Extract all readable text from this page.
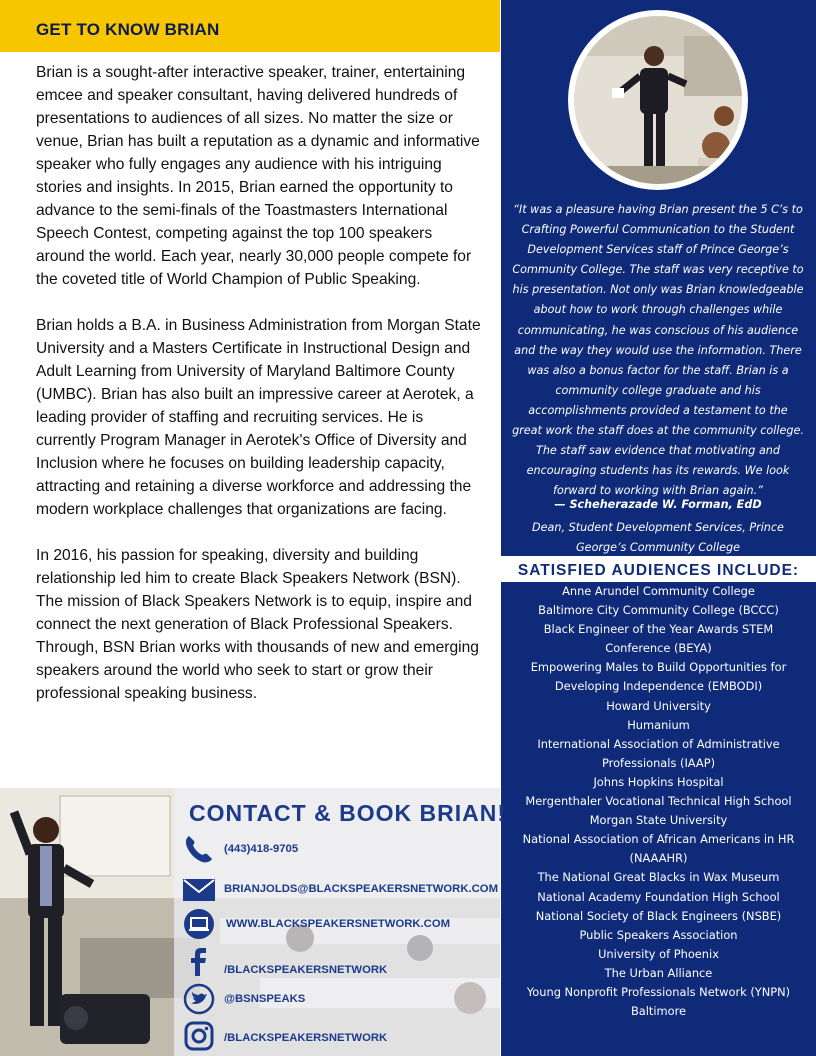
GET TO KNOW BRIAN

Brian is a sought-after interactive speaker, trainer, entertaining emcee and speaker consultant, having delivered hundreds of presentations to audiences of all sizes. No matter the size or venue, Brian has built a reputation as a dynamic and informative speaker who fully engages any audience with his intriguing stories and insights. In 2015, Brian earned the opportunity to advance to the semi-finals of the Toastmasters International Speech Contest, competing against the top 100 speakers around the world. Each year, nearly 30,000 people compete for the coveted title of World Champion of Public Speaking.

Brian holds a B.A. in Business Administration from Morgan State University and a Masters Certificate in Instructional Design and Adult Learning from University of Maryland Baltimore County (UMBC). Brian has also built an impressive career at Aerotek, a leading provider of staffing and recruiting services. He is currently Program Manager in Aerotek's Office of Diversity and Inclusion where he focuses on building leadership capacity, attracting and retaining a diverse workforce and addressing the modern workplace challenges that organizations are facing.

In 2016, his passion for speaking, diversity and building relationship led him to create Black Speakers Network (BSN). The mission of Black Speakers Network is to equip, inspire and connect the next generation of Black Professional Speakers. Through, BSN Brian works with thousands of new and emerging speakers around the world who seek to start or grow their professional speaking business.

“It was a pleasure having Brian present the 5 C’s to Crafting Powerful Communication to the Student Development Services staff of Prince George’s Community College. The staff was very receptive to his presentation. Not only was Brian knowledgeable about how to work through challenges while communicating, he was conscious of his audience and the way they would use the information. There was also a bonus factor for the staff. Brian is a community college graduate and his accomplishments provided a testament to the great work the staff does at the community college. The staff saw evidence that motivating and encouraging students has its rewards. We look forward to working with Brian again.”
— Scheherazade W. Forman, EdD
Dean, Student Development Services, Prince George’s Community College
SATISFIED AUDIENCES INCLUDE:
Anne Arundel Community College
Baltimore City Community College (BCCC)
Black Engineer of the Year Awards STEM Conference (BEYA)
Empowering Males to Build Opportunities for Developing Independence (EMBODI)
Howard University
Humanium
International Association of Administrative Professionals (IAAP)
Johns Hopkins Hospital
Mergenthaler Vocational Technical High School
Morgan State University
National Association of African Americans in HR (NAAAHR)
The National Great Blacks in Wax Museum
National Academy Foundation High School
National Society of Black Engineers (NSBE)
Public Speakers Association
University of Phoenix
The Urban Alliance
Young Nonprofit Professionals Network (YNPN) Baltimore
CONTACT & BOOK BRIAN!
(443)418-9705
BRIANJOLDS@BLACKSPEAKERSNETWORK.COM
WWW.BLACKSPEAKERSNETWORK.COM
/BLACKSPEAKERSNETWORK
@BSNSPEAKS
/BLACKSPEAKERSNETWORK
